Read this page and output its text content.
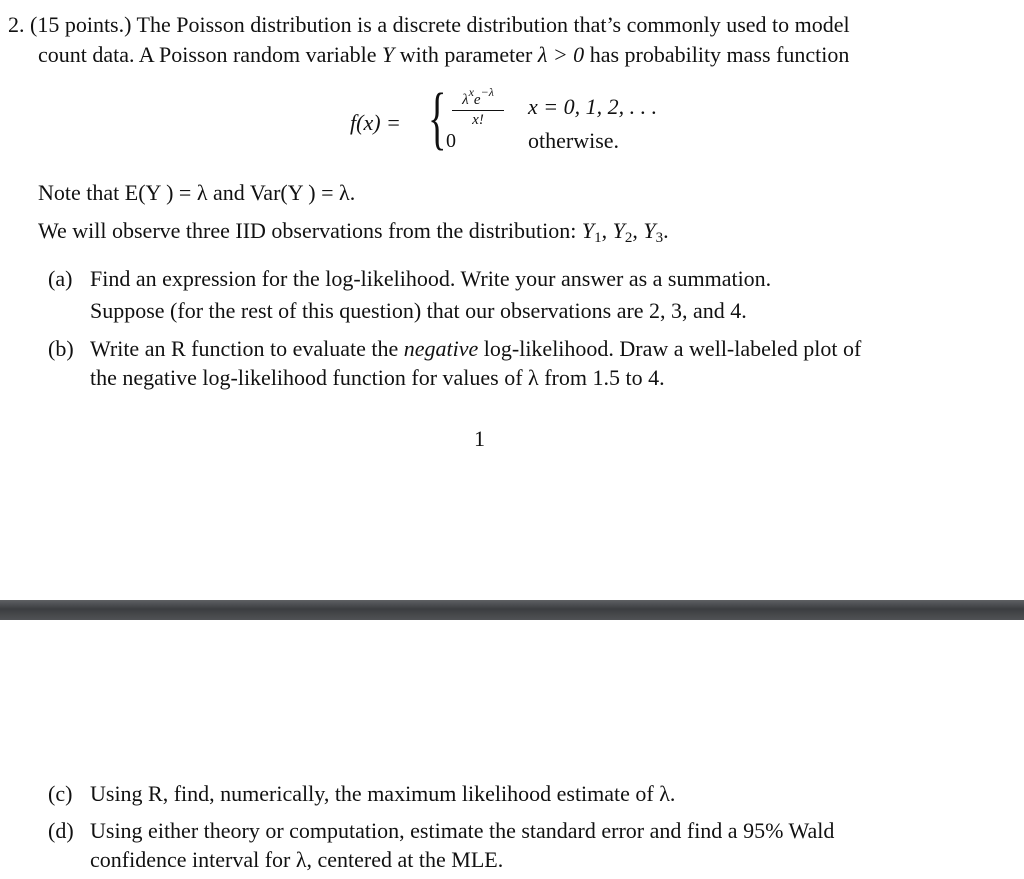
2. (15 points.) The Poisson distribution is a discrete distribution that’s commonly used to model
count data. A Poisson random variable Y with parameter λ > 0 has probability mass function
f(x) = {	$\lambda^xe^{-\lambda}$
x!
0
x = 0, 1, 2, . . .
otherwise.
Note that E(Y ) = λ and Var(Y ) = λ.
We will observe three IID observations from the distribution: $Y_1$, $Y_2$, $Y_3$.
(a) Find an expression for the log-likelihood. Write your answer as a summation.
Suppose (for the rest of this question) that our observations are 2, 3, and 4.
(b) Write an R function to evaluate the negative log-likelihood. Draw a well-labeled plot of
the negative log-likelihood function for values of λ from 1.5 to 4.
1
(c) Using R, find, numerically, the maximum likelihood estimate of λ.
(d) Using either theory or computation, estimate the standard error and find a 95% Wald
confidence interval for λ, centered at the MLE.
